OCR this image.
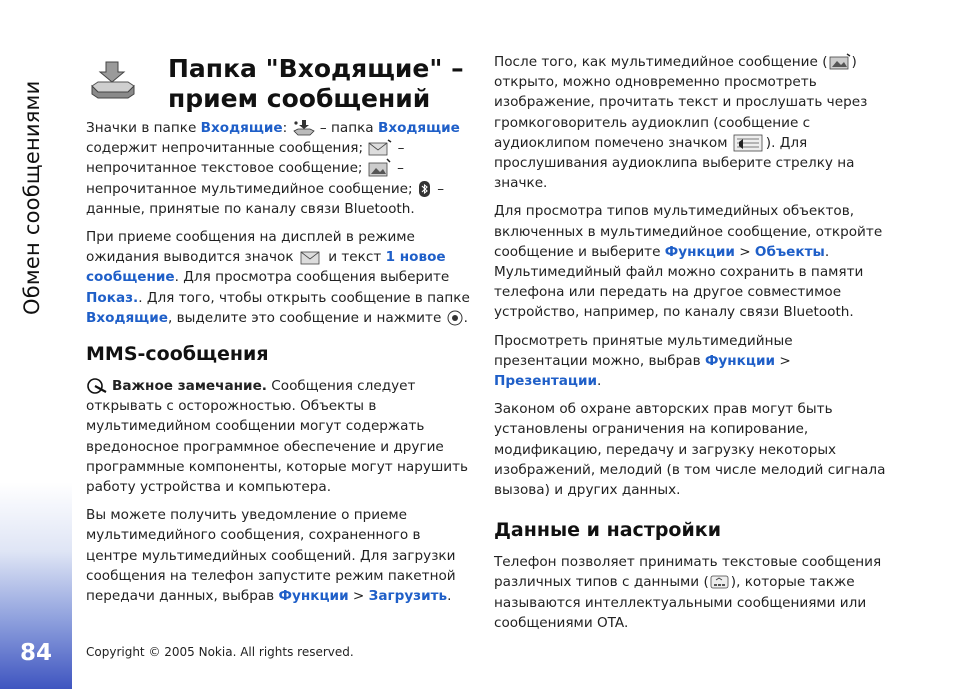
Обмен сообщениями
84
Папка "Входящие" – прием сообщений

Значки в папке Входящие:  – папка Входящие содержит непрочитанные сообщения;  – непрочитанное текстовое сообщение;  – непрочитанное мультимедийное сообщение;  – данные, принятые по каналу связи Bluetooth.

При приеме сообщения на дисплей в режиме ожидания выводится значок  и текст 1 новое сообщение. Для просмотра сообщения выберите Показ.. Для того, чтобы открыть сообщение в папке Входящие, выделите это сообщение и нажмите .

MMS-сообщения

Важное замечание. Сообщения следует открывать с осторожностью. Объекты в мультимедийном сообщении могут содержать вредоносное программное обеспечение и другие программные компоненты, которые могут нарушить работу устройства и компьютера.

Вы можете получить уведомление о приеме мультимедийного сообщения, сохраненного в центре мультимедийных сообщений. Для загрузки сообщения на телефон запустите режим пакетной передачи данных, выбрав Функции > Загрузить.

После того, как мультимедийное сообщение ( ) открыто, можно одновременно просмотреть изображение, прочитать текст и прослушать через громкоговоритель аудиоклип (сообщение с аудиоклипом помечено значком	). Для прослушивания аудиоклипа выберите стрелку на значке.

Для просмотра типов мультимедийных объектов, включенных в мультимедийное сообщение, откройте сообщение и выберите Функции > Объекты. Мультимедийный файл можно сохранить в памяти телефона или передать на другое совместимое устройство, например, по каналу связи Bluetooth.

Просмотреть принятые мультимедийные презентации можно, выбрав Функции > Презентации.

Законом об охране авторских прав могут быть установлены ограничения на копирование, модификацию, передачу и загрузку некоторых изображений, мелодий (в том числе мелодий сигнала вызова) и других данных.

Данные и настройки

Телефон позволяет принимать текстовые сообщения различных типов с данными ( ), которые также называются интеллектуальными сообщениями или сообщениями OTA.

Copyright © 2005 Nokia. All rights reserved.
